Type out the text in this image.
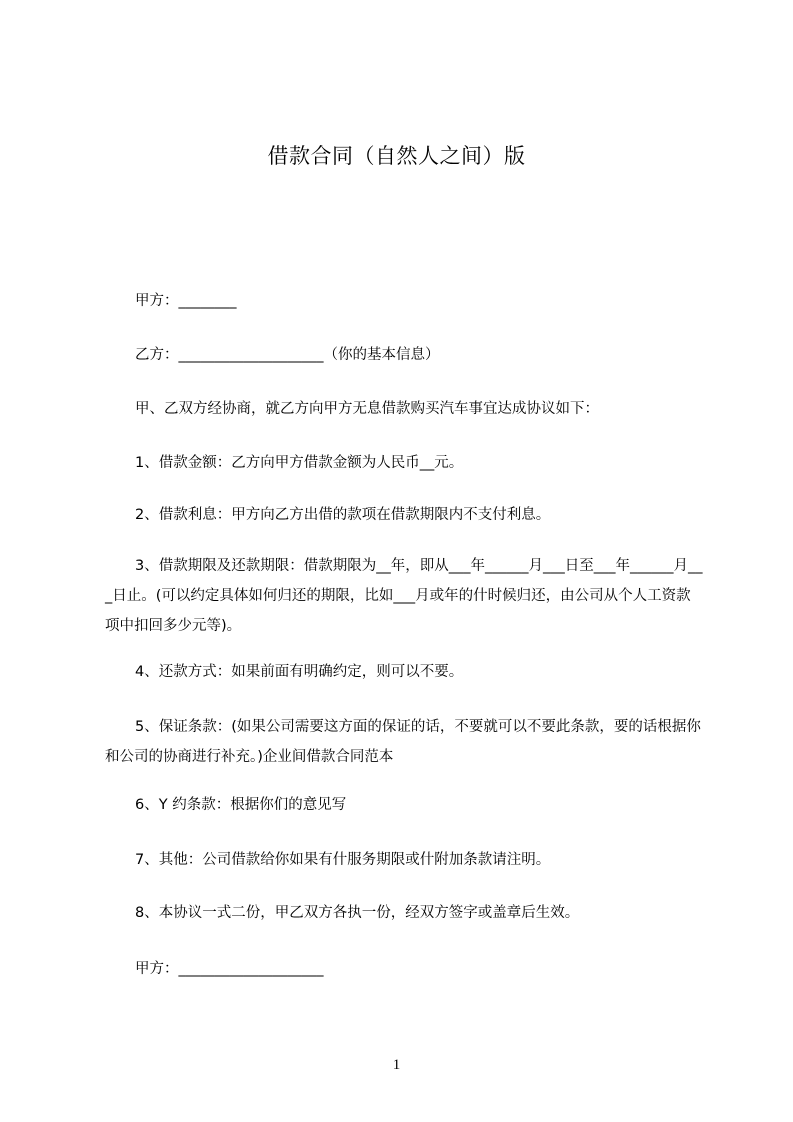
借款合同（自然人之间）版
甲方：________
乙方：____________________（你的基本信息）
甲、乙双方经协商，就乙方向甲方无息借款购买汽车事宜达成协议如下：
1、借款金额：乙方向甲方借款金额为人民币__元。
2、借款利息：甲方向乙方出借的款项在借款期限内不支付利息。
3、借款期限及还款期限：借款期限为__年，即从___年______月___日至___年______月___日止。(可以约定具体如何归还的期限，比如___月或年的什时候归还，由公司从个人工资款项中扣回多少元等)。
4、还款方式：如果前面有明确约定，则可以不要。
5、保证条款：(如果公司需要这方面的保证的话，不要就可以不要此条款，要的话根据你和公司的协商进行补充。)企业间借款合同范本
6、Y 约条款：根据你们的意见写
7、其他：公司借款给你如果有什服务期限或什附加条款请注明。
8、本协议一式二份，甲乙双方各执一份，经双方签字或盖章后生效。
甲方：____________________
1
